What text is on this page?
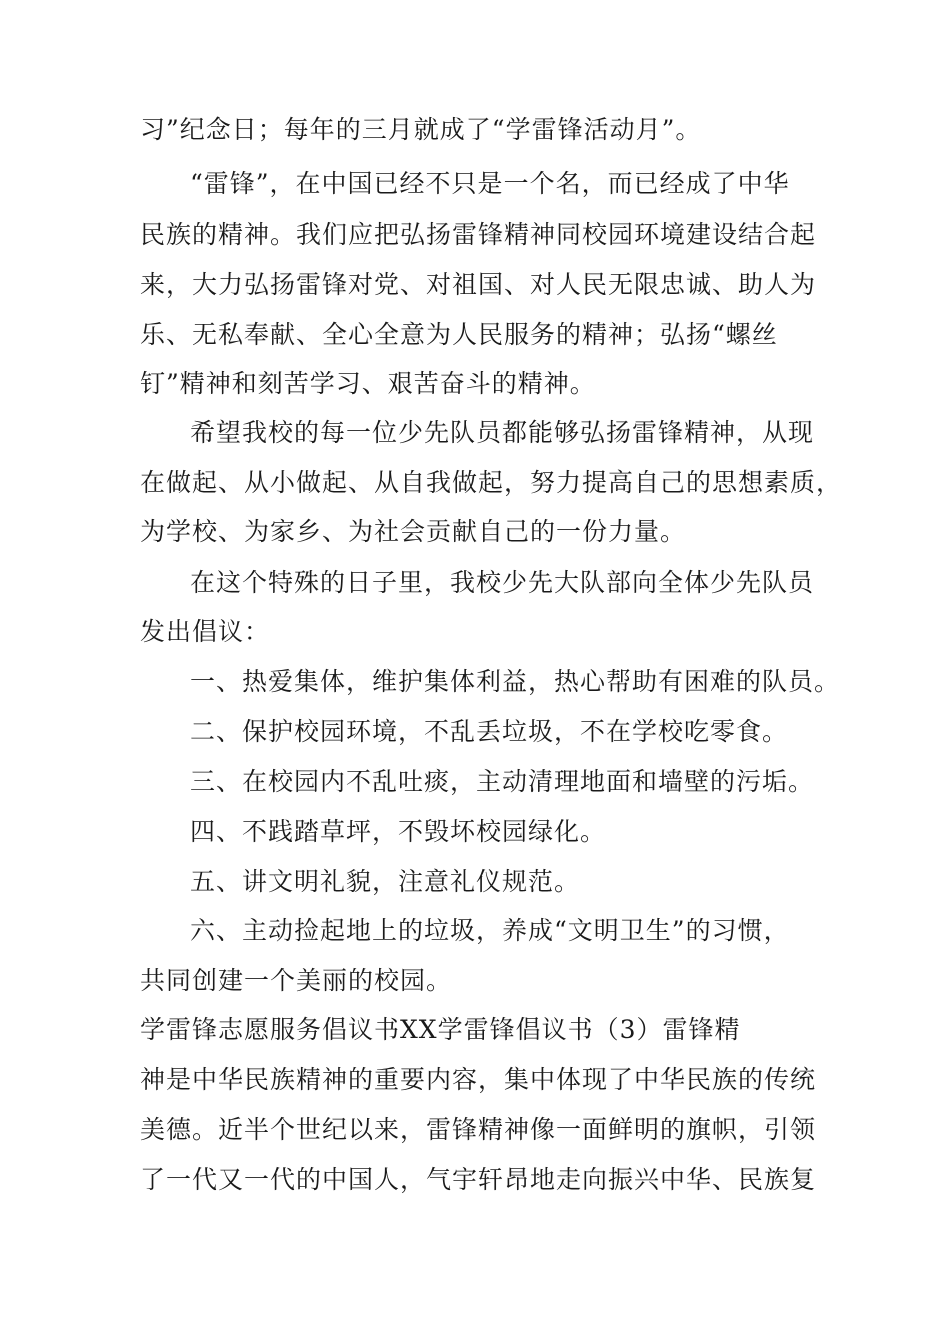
习”纪念日；每年的三月就成了“学雷锋活动月”。

“雷锋”，在中国已经不只是一个名，而已经成了中华

民族的精神。我们应把弘扬雷锋精神同校园环境建设结合起

来，大力弘扬雷锋对党、对祖国、对人民无限忠诚、助人为

乐、无私奉献、全心全意为人民服务的精神；弘扬“螺丝

钉”精神和刻苦学习、艰苦奋斗的精神。

希望我校的每一位少先队员都能够弘扬雷锋精神，从现

在做起、从小做起、从自我做起，努力提高自己的思想素质，

为学校、为家乡、为社会贡献自己的一份力量。

在这个特殊的日子里，我校少先大队部向全体少先队员

发出倡议：

一、热爱集体，维护集体利益，热心帮助有困难的队员。

二、保护校园环境，不乱丢垃圾，不在学校吃零食。

三、在校园内不乱吐痰，主动清理地面和墙壁的污垢。

四、不践踏草坪，不毁坏校园绿化。

五、讲文明礼貌，注意礼仪规范。

六、主动捡起地上的垃圾，养成“文明卫生”的习惯，

共同创建一个美丽的校园。

学雷锋志愿服务倡议书XX学雷锋倡议书（3）雷锋精

神是中华民族精神的重要内容，集中体现了中华民族的传统

美德。近半个世纪以来，雷锋精神像一面鲜明的旗帜，引领

了一代又一代的中国人，气宇轩昂地走向振兴中华、民族复
